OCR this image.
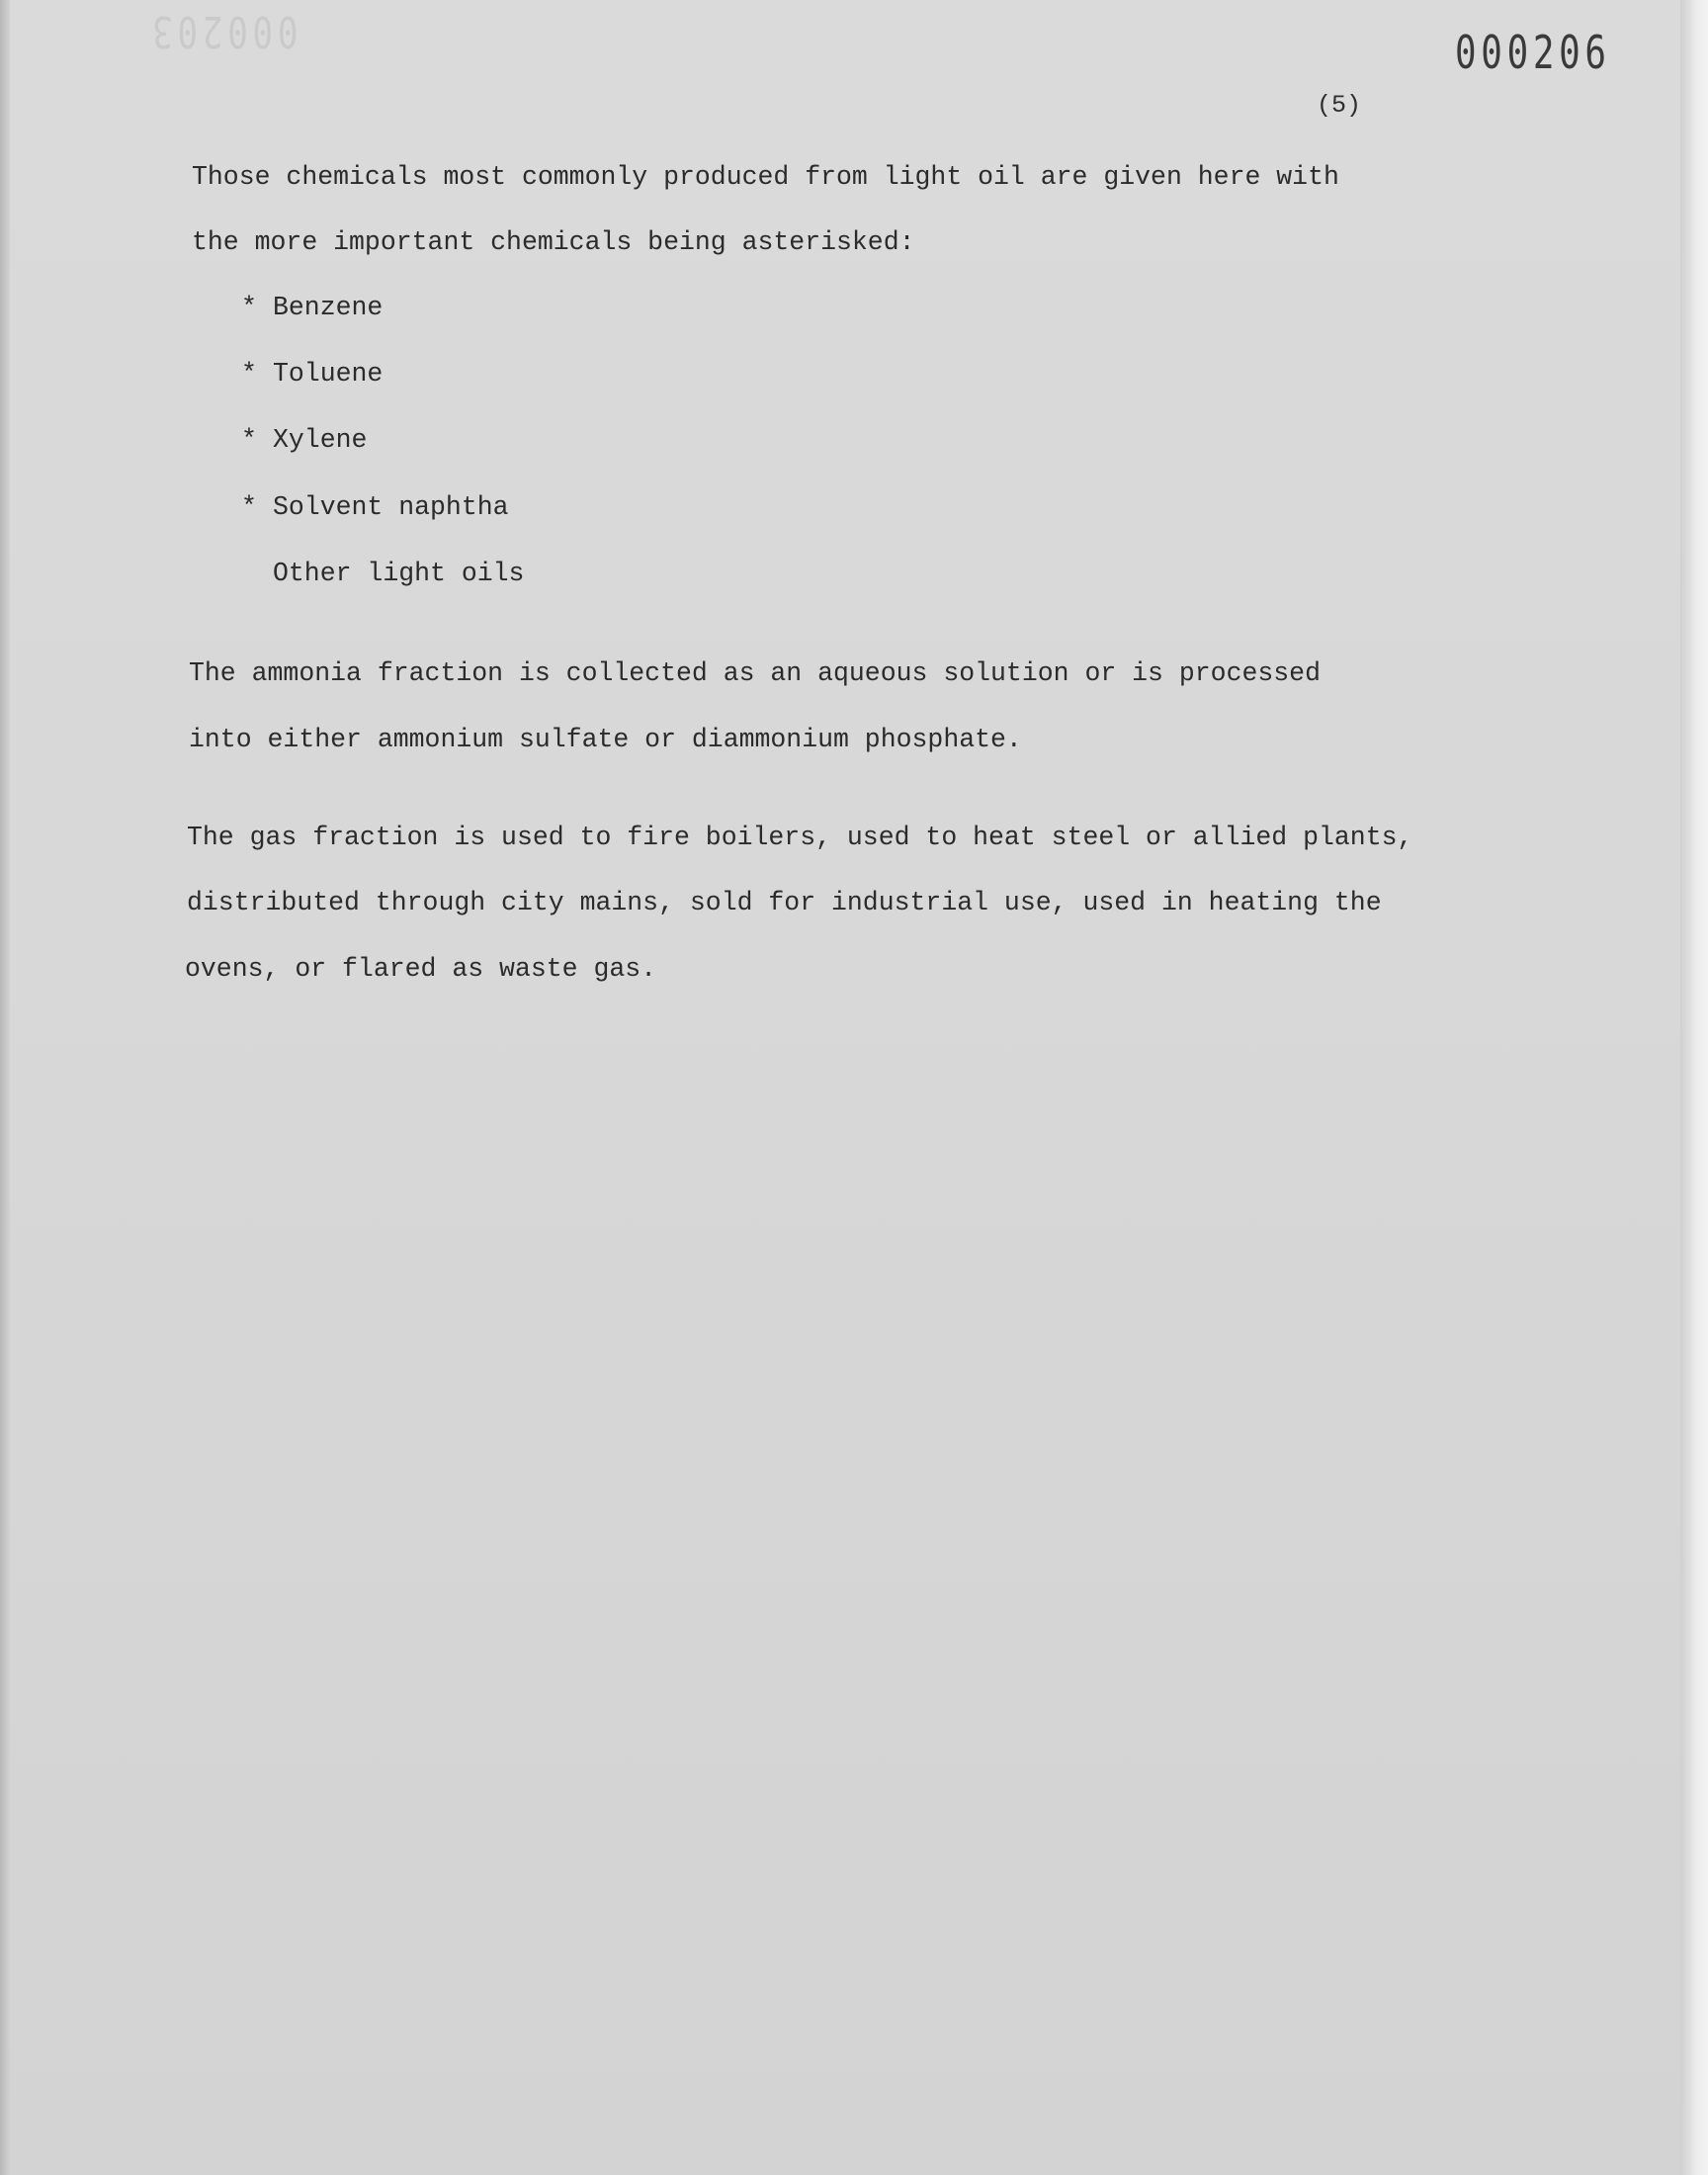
000203	000206
(5)
Those chemicals most commonly produced from light oil are given here with
the more important chemicals being asterisked:
* Benzene
* Toluene
* Xylene
* Solvent naphtha
Other light oils
The ammonia fraction is collected as an aqueous solution or is processed
into either ammonium sulfate or diammonium phosphate.
The gas fraction is used to fire boilers, used to heat steel or allied plants,
distributed through city mains, sold for industrial use, used in heating the
ovens, or flared as waste gas.
